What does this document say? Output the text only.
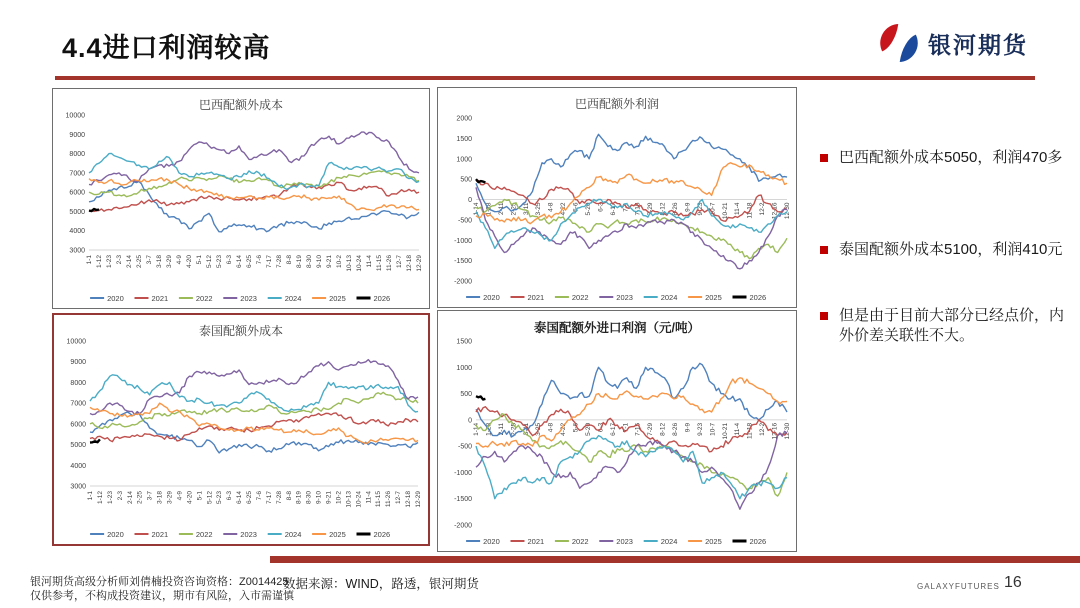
4.4进口利润较高	银河期货
10000
9000
8000
7000
6000
5000
4000
3000
1-1 1-12 1-23 2-3 2-14 2-25 3-7 3-18 3-29 4-9 4-20 5-1 5-12 5-23 6-3 6-14 6-25 7-6 7-17 7-28 8-8 8-19 8-30 9-10 9-21 10-2 10-13 10-24 11-4 11-15 11-26 12-7 12-18 12-29
2020	2021	2022	2023	2024	2025	2026
巴西配额外成本
2000
1500
1000
500
0
-500
-1000
-1500
-2000
1-14 1-28 2-11 2-25 3-11 3-25 4-8 4-22 5-6 5-20 6-3 6-17 7-1 7-15 7-29 8-12 8-26 9-9 9-23 10-7 10-21 11-4 11-18 12-2 12-16 12-30
2020	2021	2022	2023	2024	2025	2026
巴西配额外利润
10000
9000
8000
7000
6000
5000
4000
3000
1-1 1-12 1-23 2-3 2-14 2-25 3-7 3-18 3-29 4-9 4-20 5-1 5-12 5-23 6-3 6-14 6-25 7-6 7-17 7-28 8-8 8-19 8-30 9-10 9-21 10-2 10-13 10-24 11-4 11-15 11-26 12-7 12-18 12-29
2020	2021	2022	2023	2024	2025	2026
泰国配额外成本
1500
1000
500
0
-500
-1000
-1500
-2000
1-14 1-28 2-11 2-25 3-11 3-25 4-8 4-22 5-6 5-20 6-3 6-17 7-1 7-15 7-29 8-12 8-26 9-9 9-23 10-7 10-21 11-4 11-18 12-2 12-16 12-30
2020	2021	2022	2023	2024	2025	2026
泰国配额外进口利润（元/吨）
巴西配额外成本5050，利润470多
泰国配额外成本5100，利润410元
但是由于目前大部分已经点价，内外价差关联性不大。
银河期货高级分析师刘倩楠投资咨询资格：Z0014425
仅供参考，不构成投资建议，期市有风险，入市需谨慎
数据来源：WIND，路透，银河期货	GALAXYFUTURES 16
